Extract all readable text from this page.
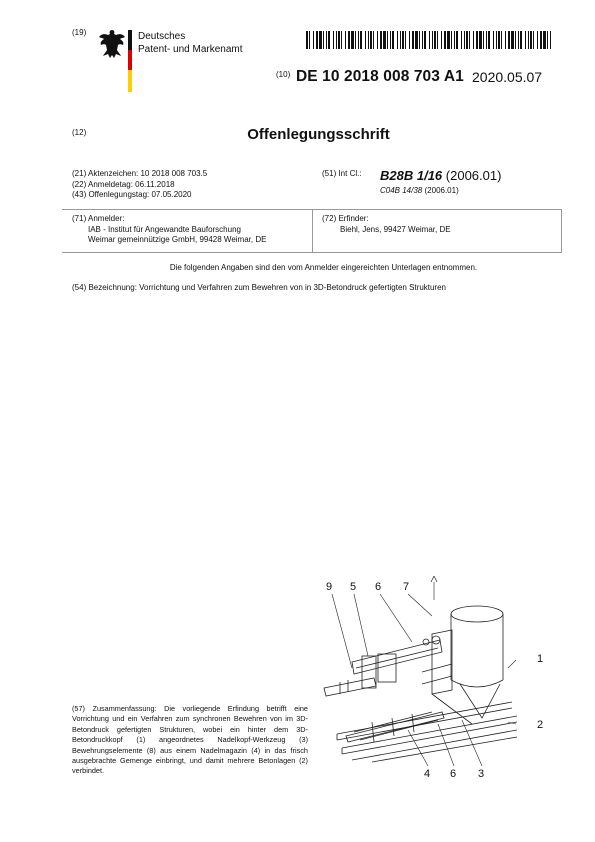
(19)	Deutsches
Patent- und Markenamt
(10) DE 10 2018 008 703 A1 2020.05.07
(12)	Offenlegungsschrift
(21) Aktenzeichen: 10 2018 008 703.5
(22) Anmeldetag: 06.11.2018
(43) Offenlegungstag: 07.05.2020
(51) Int Cl.: B28B 1/16 (2006.01)
C04B 14/38 (2006.01)
(71) Anmelder:
IAB - Institut für Angewandte Bauforschung
Weimar gemeinnützige GmbH, 99428 Weimar, DE
(72) Erfinder:
Biehl, Jens, 99427 Weimar, DE
Die folgenden Angaben sind den vom Anmelder eingereichten Unterlagen entnommen.
(54) Bezeichnung: Vorrichtung und Verfahren zum Bewehren von in 3D-Betondruck gefertigten Strukturen
(57) Zusammenfassung: Die vorliegende Erfindung betrifft eine Vorrichtung und ein Verfahren zum synchronen Bewehren von im 3D-Betondruck gefertigten Strukturen, wobei ein hinter dem 3D-Betondruckkopf (1) angeordnetes Nadelkopf-Werkzeug (3) Bewehrungselemente (8) aus einem Nadelmagazin (4) in das frisch ausgebrachte Gemenge einbringt, und damit mehrere Betonlagen (2) verbindet.
9 5 6 7
1
2
4 6 3
